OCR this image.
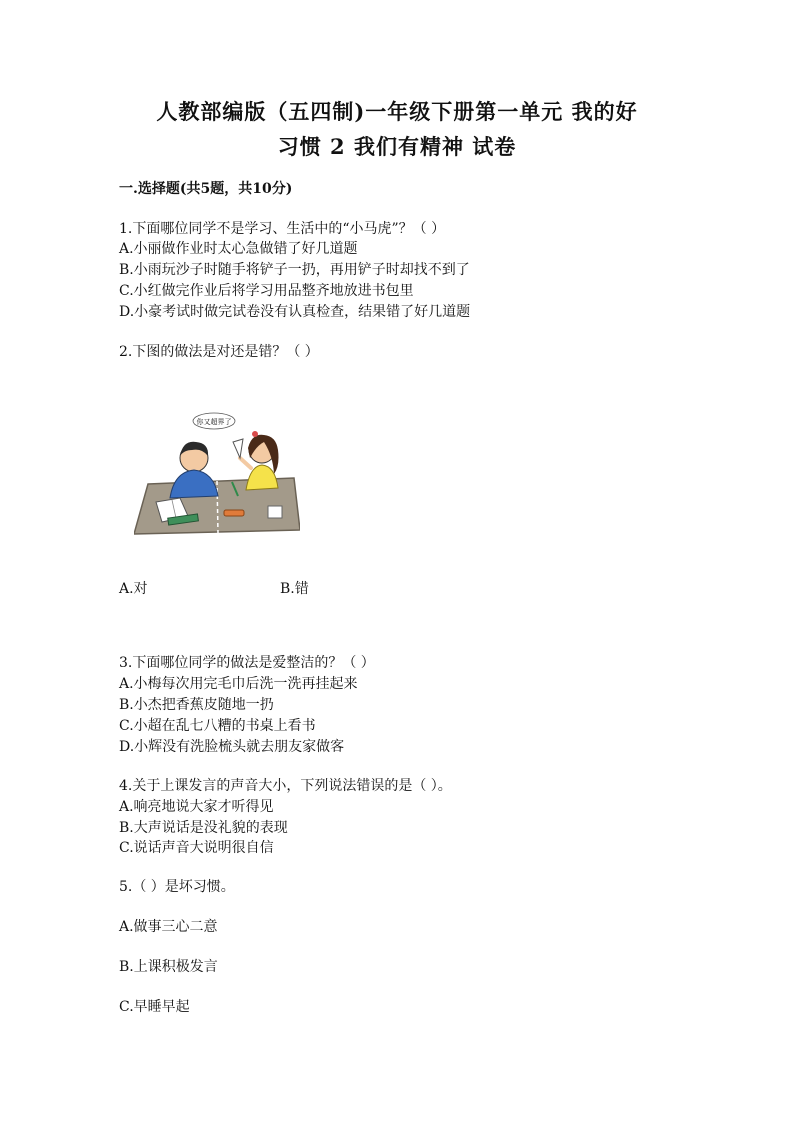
人教部编版（五四制)一年级下册第一单元 我的好
习惯 2 我们有精神 试卷
一.选择题(共5题，共10分)
1.下面哪位同学不是学习、生活中的“小马虎”？（ ）
A.小丽做作业时太心急做错了好几道题
B.小雨玩沙子时随手将铲子一扔，再用铲子时却找不到了
C.小红做完作业后将学习用品整齐地放进书包里
D.小豪考试时做完试卷没有认真检查，结果错了好几道题
2.下图的做法是对还是错？（ ）
你又超界了
A.对	B.错
3.下面哪位同学的做法是爱整洁的？（ ）
A.小梅每次用完毛巾后洗一洗再挂起来
B.小杰把香蕉皮随地一扔
C.小超在乱七八糟的书桌上看书
D.小辉没有洗脸梳头就去朋友家做客
4.关于上课发言的声音大小，下列说法错误的是（ ）。
A.响亮地说大家才听得见
B.大声说话是没礼貌的表现
C.说话声音大说明很自信
5.（ ）是坏习惯。
A.做事三心二意
B.上课积极发言
C.早睡早起
